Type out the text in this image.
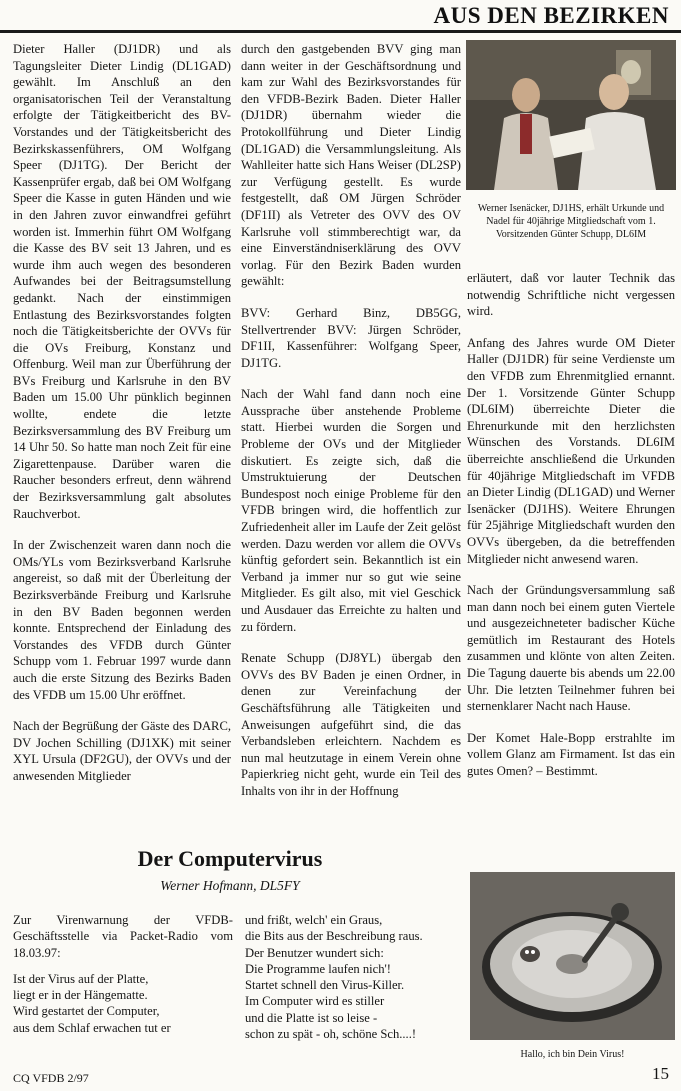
AUS DEN BEZIRKEN

Dieter Haller (DJ1DR) und als Tagungsleiter Dieter Lindig (DL1GAD) gewählt. Im Anschluß an den organisatorischen Teil der Veranstaltung erfolgte der Tätigkeitbericht des BV-Vorstandes und der Tätigkeitsbericht des Bezirkskassenführers, OM Wolfgang Speer (DJ1TG). Der Bericht der Kassenprüfer ergab, daß bei OM Wolfgang Speer die Kasse in guten Händen und wie in den Jahren zuvor einwandfrei geführt worden ist. Immerhin führt OM Wolfgang die Kasse des BV seit 13 Jahren, und es wurde ihm auch wegen des besonderen Aufwandes bei der Beitragsumstellung gedankt. Nach der einstimmigen Entlastung des Bezirksvorstandes folgten noch die Tätigkeitsberichte der OVVs für die OVs Freiburg, Konstanz und Offenburg. Weil man zur Überführung der BVs Freiburg und Karlsruhe in den BV Baden um 15.00 Uhr pünklich beginnen wollte, endete die letzte Bezirksversammlung des BV Freiburg um 14 Uhr 50. So hatte man noch Zeit für eine Zigarettenpause. Darüber waren die Raucher besonders erfreut, denn während der Bezirksversammlung galt absolutes Rauchverbot.

In der Zwischenzeit waren dann noch die OMs/YLs vom Bezirksverband Karlsruhe angereist, so daß mit der Überleitung der Bezirksverbände Freiburg und Karlsruhe in den BV Baden begonnen werden konnte. Entsprechend der Einladung des Vorstandes des VFDB durch Günter Schupp vom 1. Februar 1997 wurde dann auch die erste Sitzung des Bezirks Baden des VFDB um 15.00 Uhr eröffnet.

Nach der Begrüßung der Gäste des DARC, DV Jochen Schilling (DJ1XK) mit seiner XYL Ursula (DF2GU), der OVVs und der anwesenden Mitglieder

durch den gastgebenden BVV ging man dann weiter in der Geschäftsordnung und kam zur Wahl des Bezirksvorstandes für den VFDB-Bezirk Baden. Dieter Haller (DJ1DR) übernahm wieder die Protokollführung und Dieter Lindig (DL1GAD) die Versammlungsleitung. Als Wahlleiter hatte sich Hans Weiser (DL2SP) zur Verfügung gestellt. Es wurde festgestellt, daß OM Jürgen Schröder (DF1II) als Vetreter des OVV des OV Karlsruhe voll stimmberechtigt war, da eine Einverständniserklärung des OVV vorlag. Für den Bezirk Baden wurden gewählt:

BVV: Gerhard Binz, DB5GG, Stellvertrender BVV: Jürgen Schröder, DF1II, Kassenführer: Wolfgang Speer, DJ1TG.

Nach der Wahl fand dann noch eine Aussprache über anstehende Probleme statt. Hierbei wurden die Sorgen und Probleme der OVs und der Mitglieder diskutiert. Es zeigte sich, daß die Umstruktuierung der Deutschen Bundespost noch einige Probleme für den VFDB bringen wird, die hoffentlich zur Zufriedenheit aller im Laufe der Zeit gelöst werden. Dazu werden vor allem die OVVs künftig gefordert sein. Bekanntlich ist ein Verband ja immer nur so gut wie seine Mitglieder. Es gilt also, mit viel Geschick und Ausdauer das Erreichte zu halten und zu fördern.

Renate Schupp (DJ8YL) übergab den OVVs des BV Baden je einen Ordner, in denen zur Vereinfachung der Geschäftsführung alle Tätigkeiten und Anweisungen aufgeführt sind, die das Verbandsleben erleichtern. Nachdem es nun mal heutzutage in einem Verein ohne Papierkrieg nicht geht, wurde ein Teil des Inhalts von ihr in der Hoffnung

Werner Isenäcker, DJ1HS, erhält Urkunde und Nadel für 40jährige Mitgliedschaft vom 1. Vorsitzenden Günter Schupp, DL6IM

erläutert, daß vor lauter Technik das notwendig Schriftliche nicht vergessen wird.

Anfang des Jahres wurde OM Dieter Haller (DJ1DR) für seine Verdienste um den VFDB zum Ehrenmitglied ernannt. Der 1. Vorsitzende Günter Schupp (DL6IM) überreichte Dieter die Ehrenurkunde mit den herzlichsten Wünschen des Vorstands. DL6IM überreichte anschließend die Urkunden für 40jährige Mitgliedschaft im VFDB an Dieter Lindig (DL1GAD) und Werner Isenäcker (DJ1HS). Weitere Ehrungen für 25jährige Mitgliedschaft wurden den OVVs übergeben, da die betreffenden Mitglieder nicht anwesend waren.

Nach der Gründungsversammlung saß man dann noch bei einem guten Viertele und ausgezeichneteter badischer Küche gemütlich im Restaurant des Hotels zusammen und klönte von alten Zeiten. Die Tagung dauerte bis abends um 22.00 Uhr. Die letzten Teilnehmer fuhren bei sternenklarer Nacht nach Hause.

Der Komet Hale-Bopp erstrahlte im vollem Glanz am Firmament. Ist das ein gutes Omen? – Bestimmt.

Der Computervirus
Werner Hofmann, DL5FY

Zur Virenwarnung der VFDB-Geschäftsstelle via Packet-Radio vom 18.03.97:

Ist der Virus auf der Platte,
liegt er in der Hängematte.
Wird gestartet der Computer,
aus dem Schlaf erwachen tut er
und frißt, welch' ein Graus,
die Bits aus der Beschreibung raus.
Der Benutzer wundert sich:
Die Programme laufen nich'!
Startet schnell den Virus-Killer.
Im Computer wird es stiller
und die Platte ist so leise -
schon zu spät - oh, schöne Sch....!
Hallo, ich bin Dein Virus!
CQ VFDB 2/97	15
